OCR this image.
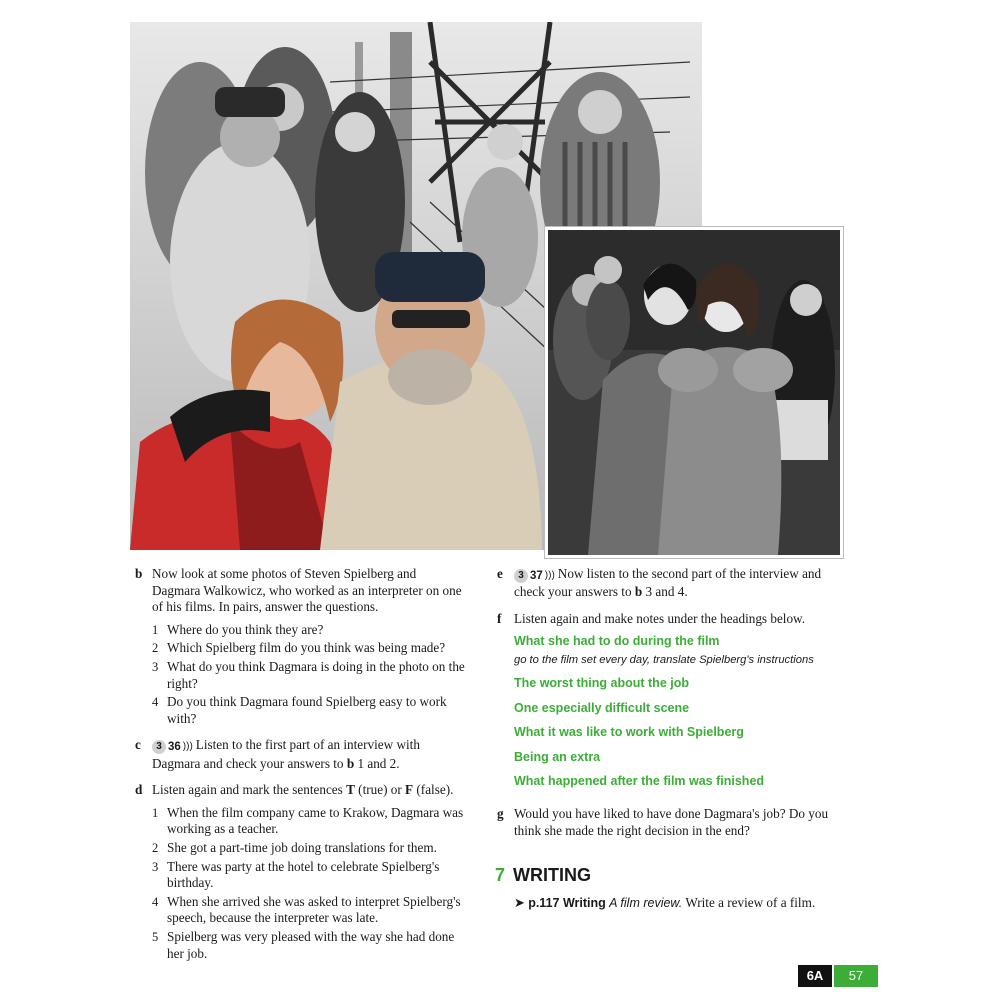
b Now look at some photos of Steven Spielberg and Dagmara Walkowicz, who worked as an interpreter on one of his films. In pairs, answer the questions.
1 Where do you think they are?
2 Which Spielberg film do you think was being made?
3 What do you think Dagmara is doing in the photo on the right?
4 Do you think Dagmara found Spielberg easy to work with?
c	3 36 ))) Listen to the first part of an interview with Dagmara and check your answers to b 1 and 2.
d Listen again and mark the sentences T (true) or F (false).
1 When the film company came to Krakow, Dagmara was working as a teacher.
2 She got a part-time job doing translations for them.
3 There was party at the hotel to celebrate Spielberg's birthday.
4 When she arrived she was asked to interpret Spielberg's speech, because the interpreter was late.
5 Spielberg was very pleased with the way she had done her job.
e	3 37 ))) Now listen to the second part of the interview and check your answers to b 3 and 4.
f Listen again and make notes under the headings below.
What she had to do during the film
go to the film set every day, translate Spielberg's instructions
The worst thing about the job
One especially difficult scene
What it was like to work with Spielberg
Being an extra
What happened after the film was finished
g Would you have liked to have done Dagmara's job? Do you think she made the right decision in the end?
7 WRITING
➤ p.117 Writing A film review. Write a review of a film.
6A	57
